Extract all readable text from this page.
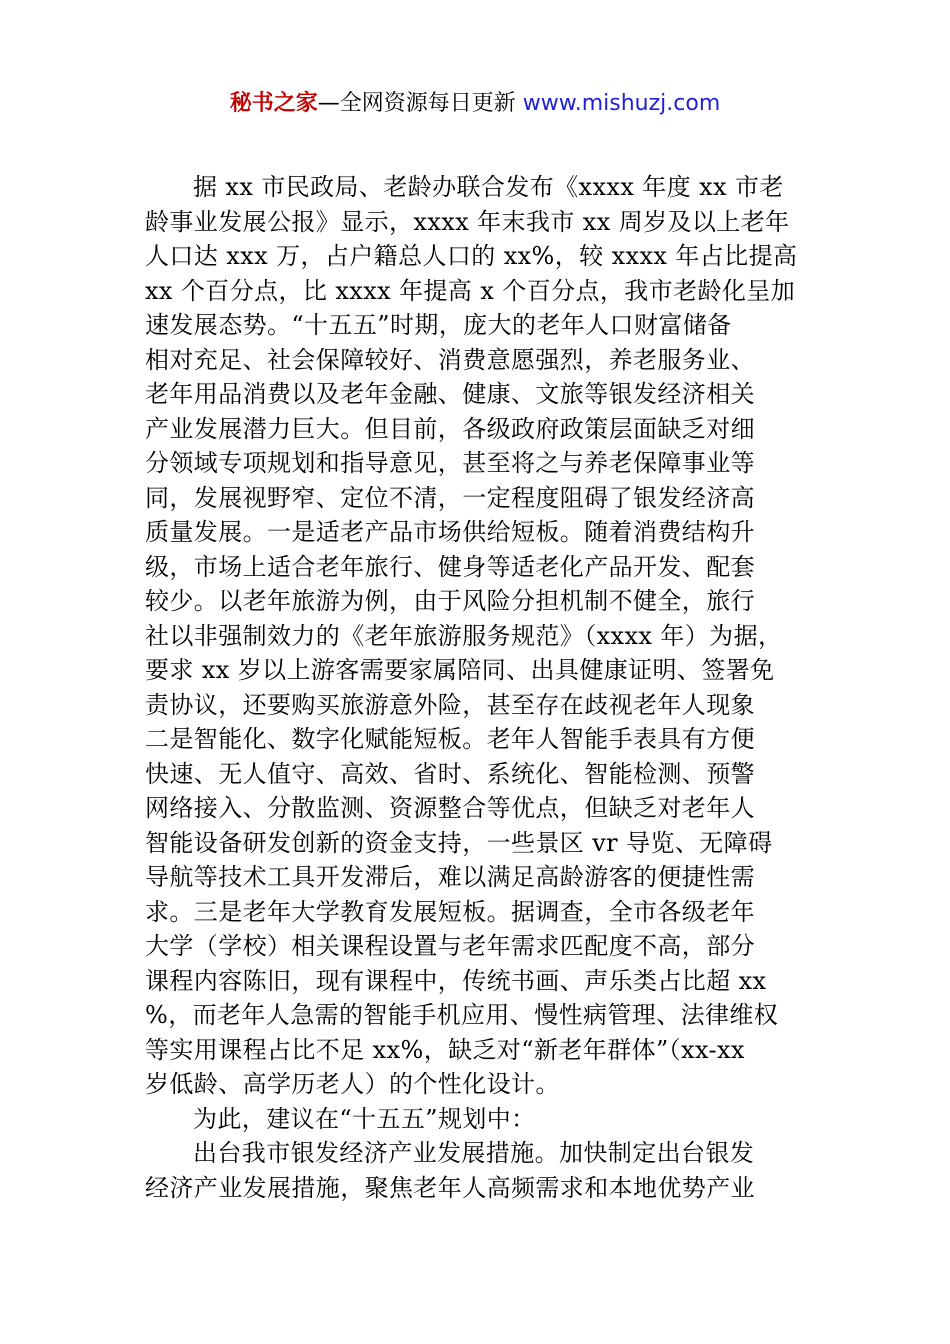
秘书之家—全网资源每日更新 www.mishuzj.com
据 xx 市民政局、老龄办联合发布《xxxx 年度 xx 市老
龄事业发展公报》显示，xxxx 年末我市 xx 周岁及以上老年
人口达 xxx 万，占户籍总人口的 xx%，较 xxxx 年占比提高
xx 个百分点，比 xxxx 年提高 x 个百分点，我市老龄化呈加
速发展态势。“十五五”时期，庞大的老年人口财富储备
相对充足、社会保障较好、消费意愿强烈，养老服务业、
老年用品消费以及老年金融、健康、文旅等银发经济相关
产业发展潜力巨大。但目前，各级政府政策层面缺乏对细
分领域专项规划和指导意见，甚至将之与养老保障事业等
同，发展视野窄、定位不清，一定程度阻碍了银发经济高
质量发展。一是适老产品市场供给短板。随着消费结构升
级，市场上适合老年旅行、健身等适老化产品开发、配套
较少。以老年旅游为例，由于风险分担机制不健全，旅行
社以非强制效力的《老年旅游服务规范》（xxxx 年）为据，
要求 xx 岁以上游客需要家属陪同、出具健康证明、签署免
责协议，还要购买旅游意外险，甚至存在歧视老年人现象
二是智能化、数字化赋能短板。老年人智能手表具有方便
快速、无人值守、高效、省时、系统化、智能检测、预警
网络接入、分散监测、资源整合等优点，但缺乏对老年人
智能设备研发创新的资金支持，一些景区 vr 导览、无障碍
导航等技术工具开发滞后，难以满足高龄游客的便捷性需
求。三是老年大学教育发展短板。据调查，全市各级老年
大学（学校）相关课程设置与老年需求匹配度不高，部分
课程内容陈旧，现有课程中，传统书画、声乐类占比超 xx
%，而老年人急需的智能手机应用、慢性病管理、法律维权
等实用课程占比不足 xx%，缺乏对“新老年群体”（xx-xx
岁低龄、高学历老人）的个性化设计。
为此，建议在“十五五”规划中：
出台我市银发经济产业发展措施。加快制定出台银发
经济产业发展措施，聚焦老年人高频需求和本地优势产业
